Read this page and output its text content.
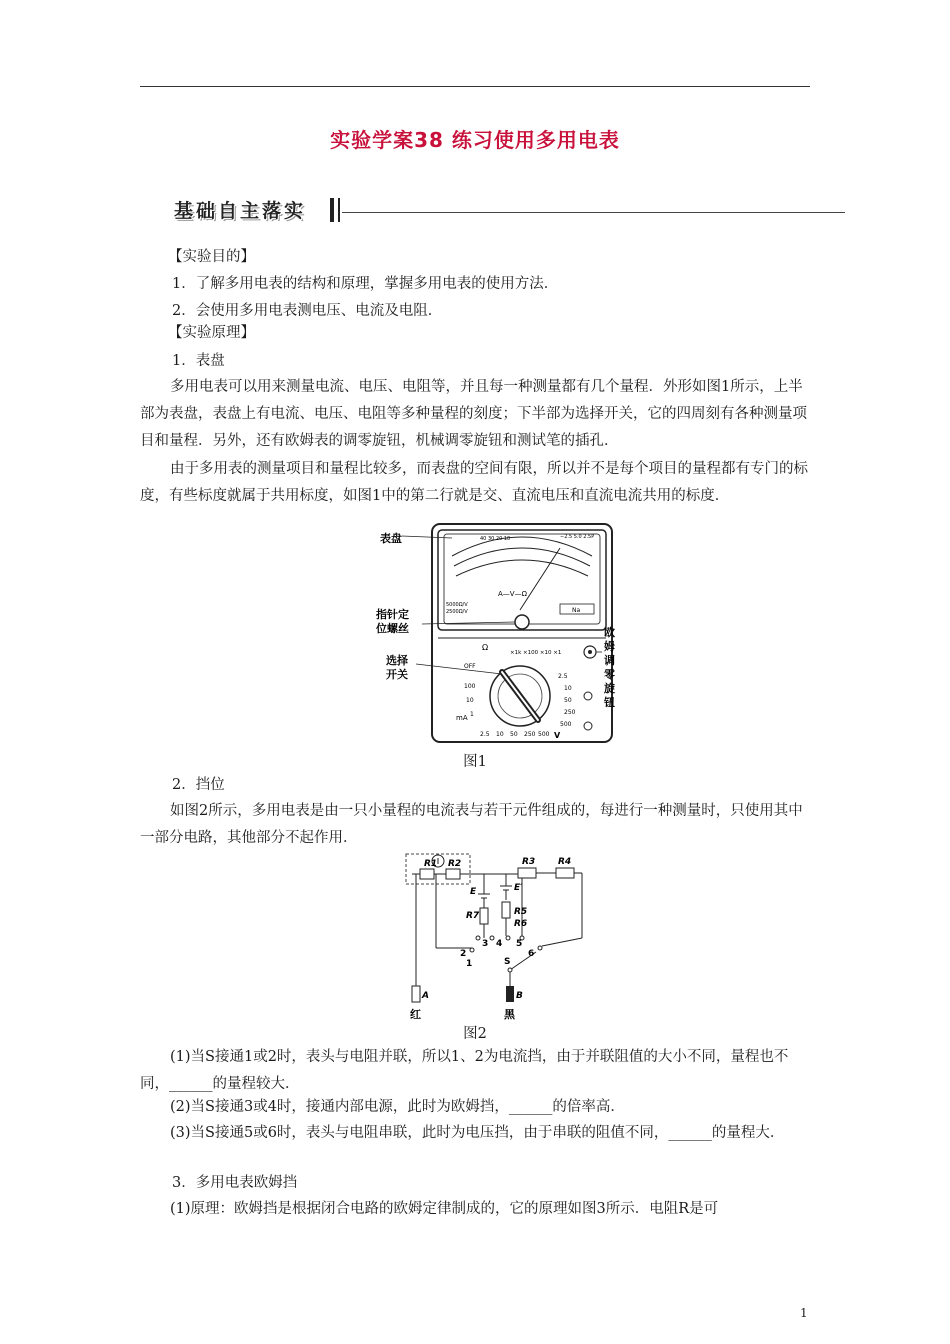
实验学案38 练习使用多用电表
基础自主落实
【实验目的】
1．了解多用电表的结构和原理，掌握多用电表的使用方法．
2．会使用多用电表测电压、电流及电阻．
【实验原理】
1．表盘
多用电表可以用来测量电流、电压、电阻等，并且每一种测量都有几个量程．外形如图1所示，上半部为表盘，表盘上有电流、电压、电阻等多种量程的刻度；下半部为选择开关，它的四周刻有各种测量项目和量程．另外，还有欧姆表的调零旋钮，机械调零旋钮和测试笔的插孔．
由于多用表的测量项目和量程比较多，而表盘的空间有限，所以并不是每个项目的量程都有专门的标度，有些标度就属于共用标度，如图1中的第二行就是交、直流电压和直流电流共用的标度．
40 30 20 10	∼2.5 5.0 2.5P
A—V—Ω
5000Ω/V
2500Ω/V	Na
Ω
×1k ×100 ×10 ×1
OFF
2.5
10
50
250
500
100
10
1
mA
2.5 10 50 250 500 V
表盘
指针定
位螺丝
选择
开关
欧
姆
调
零
旋
钮
图1
2．挡位
如图2所示，多用电表是由一只小量程的电流表与若干元件组成的，每进行一种测量时，只使用其中一部分电路，其他部分不起作用．
R1 R2	R3	R4
R5
R6
R7
E	E′
2
1
3 4 5
6
S
A	B
红	黑
图2
(1)当S接通1或2时，表头与电阻并联，所以1、2为电流挡，由于并联阻值的大小不同，量程也不同，______的量程较大．
(2)当S接通3或4时，接通内部电源，此时为欧姆挡，______的倍率高．
(3)当S接通5或6时，表头与电阻串联，此时为电压挡，由于串联的阻值不同，______的量程大．
3．多用电表欧姆挡
(1)原理：欧姆挡是根据闭合电路的欧姆定律制成的，它的原理如图3所示．电阻R是可
1
